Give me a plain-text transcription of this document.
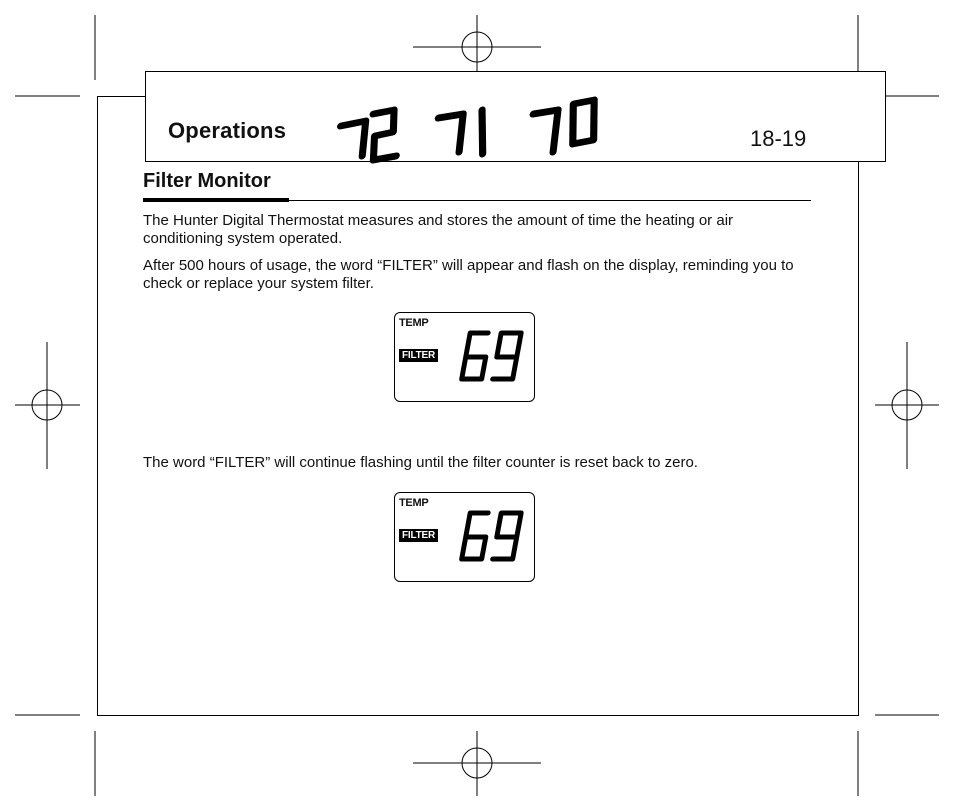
Operations	18-19
Filter Monitor
The Hunter Digital Thermostat measures and stores the amount of time the heating or air conditioning system operated.
After 500 hours of usage, the word “FILTER” will appear and flash on the display, reminding you to check or replace your system filter.
TEMP
FILTER
The word “FILTER” will continue flashing until the filter counter is reset back to zero.
TEMP
FILTER
